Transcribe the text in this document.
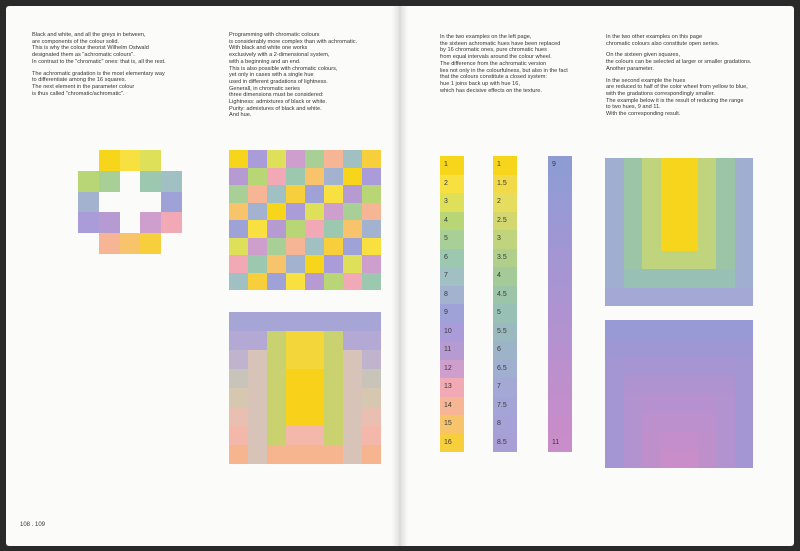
Black and white, and all the greys in between,
are components of the colour solid.
This is why the colour theorist Wilhelm Ostwald
designated them as "achromatic colours".
In contrast to the "chromatic" ones: that is, all the rest.
The achromatic gradation is the most elementary way
to differentiate among the 16 squares.
The next element in the parameter colour
is thus called "chromatic/achromatic".
Programming with chromatic colours
is considerably more complex than with achromatic.
With black and white one works
exclusively with a 2-dimensional system,
with a beginning and an end.
This is also possible with chromatic colours,
yet only in cases with a single hue
used in different gradations of lightness.
Generall, in chromatic series
three dimensions must be considered:
Lightness: admixtures of black or white.
Purity: admixtures of black and white.
And hue.
108 . 109
In the two examples on the left page,
the sixteen achromatic hues have been replaced
by 16 chromatic ones, pure chromatic hues
from equal intervals around the colour wheel.
The difference from the achromatic version
lies not only in the colourfulness, but also in the fact
that the colours constitute a closed system:
hue 1 joins back up with hue 16,
which has decisive effects on the texture.
In the two other examples on this page
chromatic colours also constitute open series.
On the sixteen given squares,
the colours can be selected at larger or smaller gradations.
Another parameter.
In the second example the hues
are reduced to half of the color wheel from yellow to blue,
with the gradations correspondingly smaller.
The example below it is the result of reducing the range
to two hues, 9 and 11.
With the corresponding result.
1
2
3
4
5
6
7
8
9
10
11
12
13
14
15
16
1
1.5
2
2.5
3
3.5
4
4.5
5
5.5
6
6.5
7
7.5
8
8.5
9
11
